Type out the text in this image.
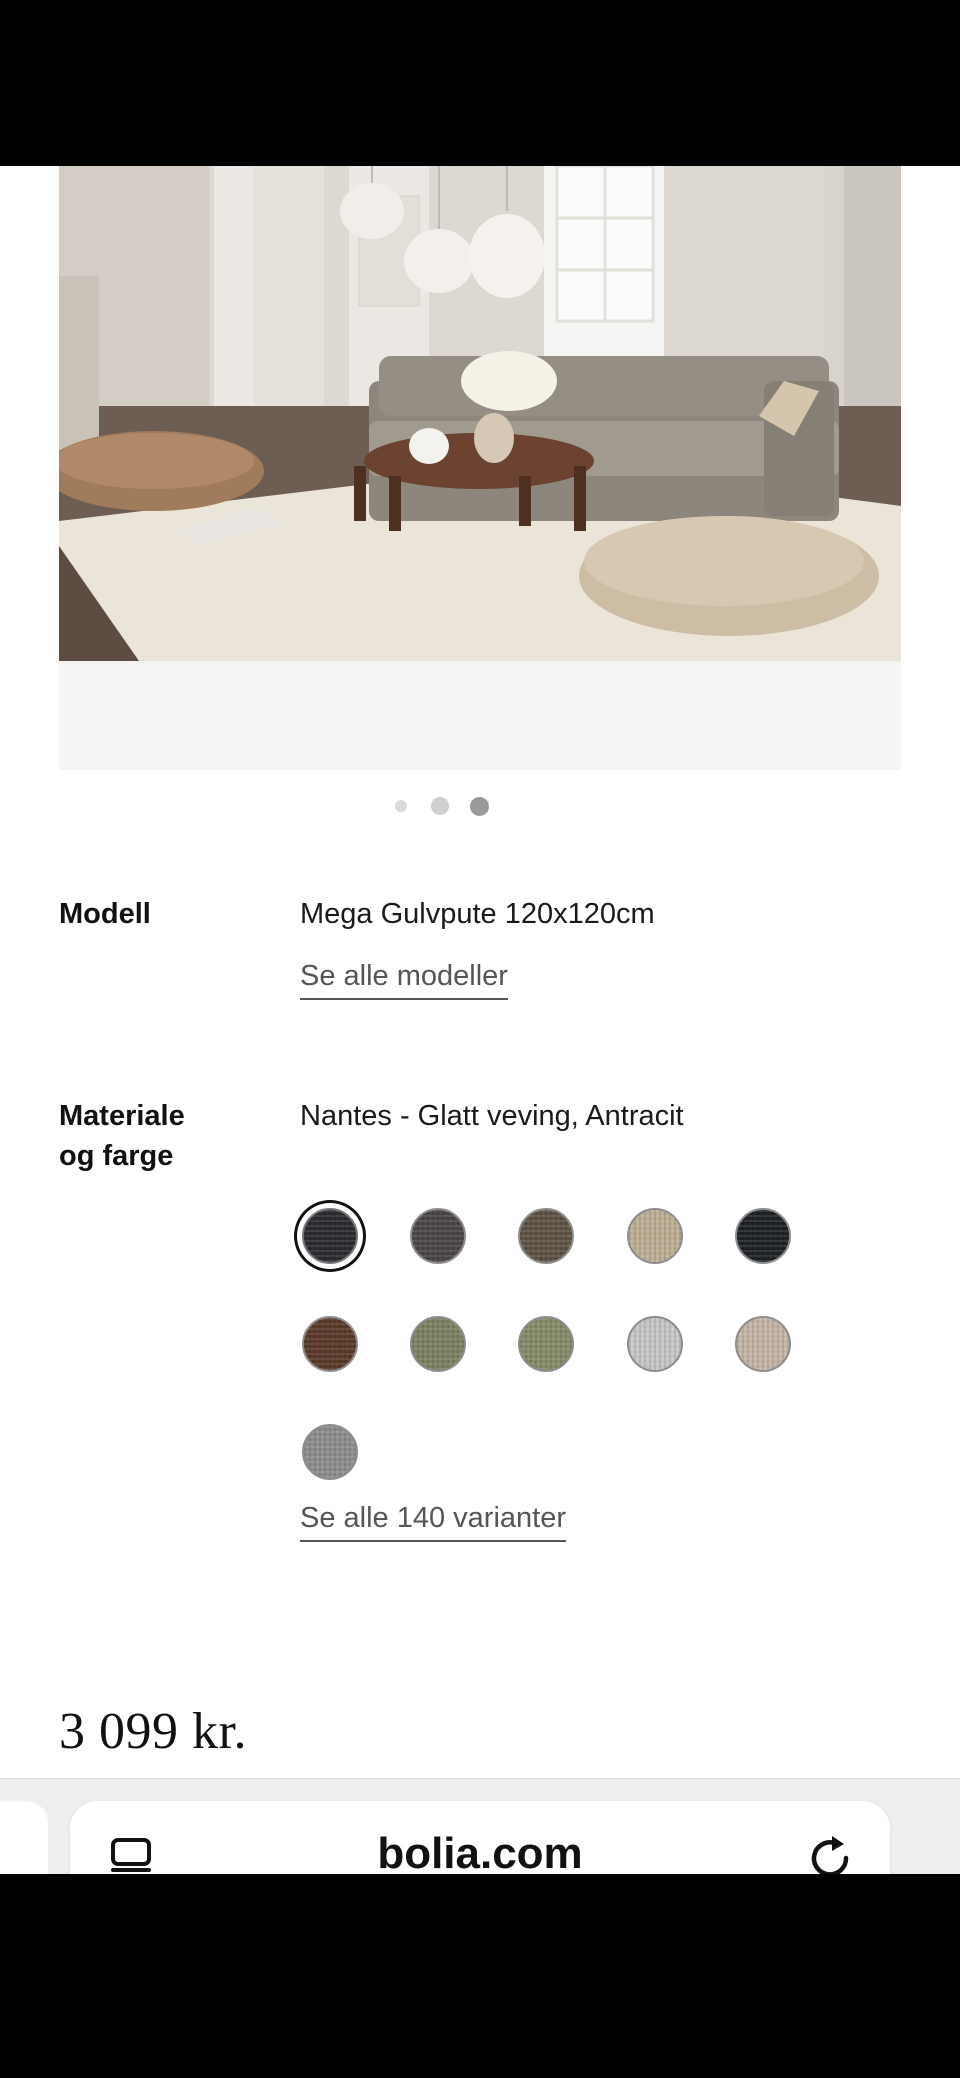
Modell	Mega Gulvpute 120x120cm
Se alle modeller
Materiale
og farge
Nantes - Glatt veving, Antracit
Se alle 140 varianter
3 099 kr.
bolia.com
